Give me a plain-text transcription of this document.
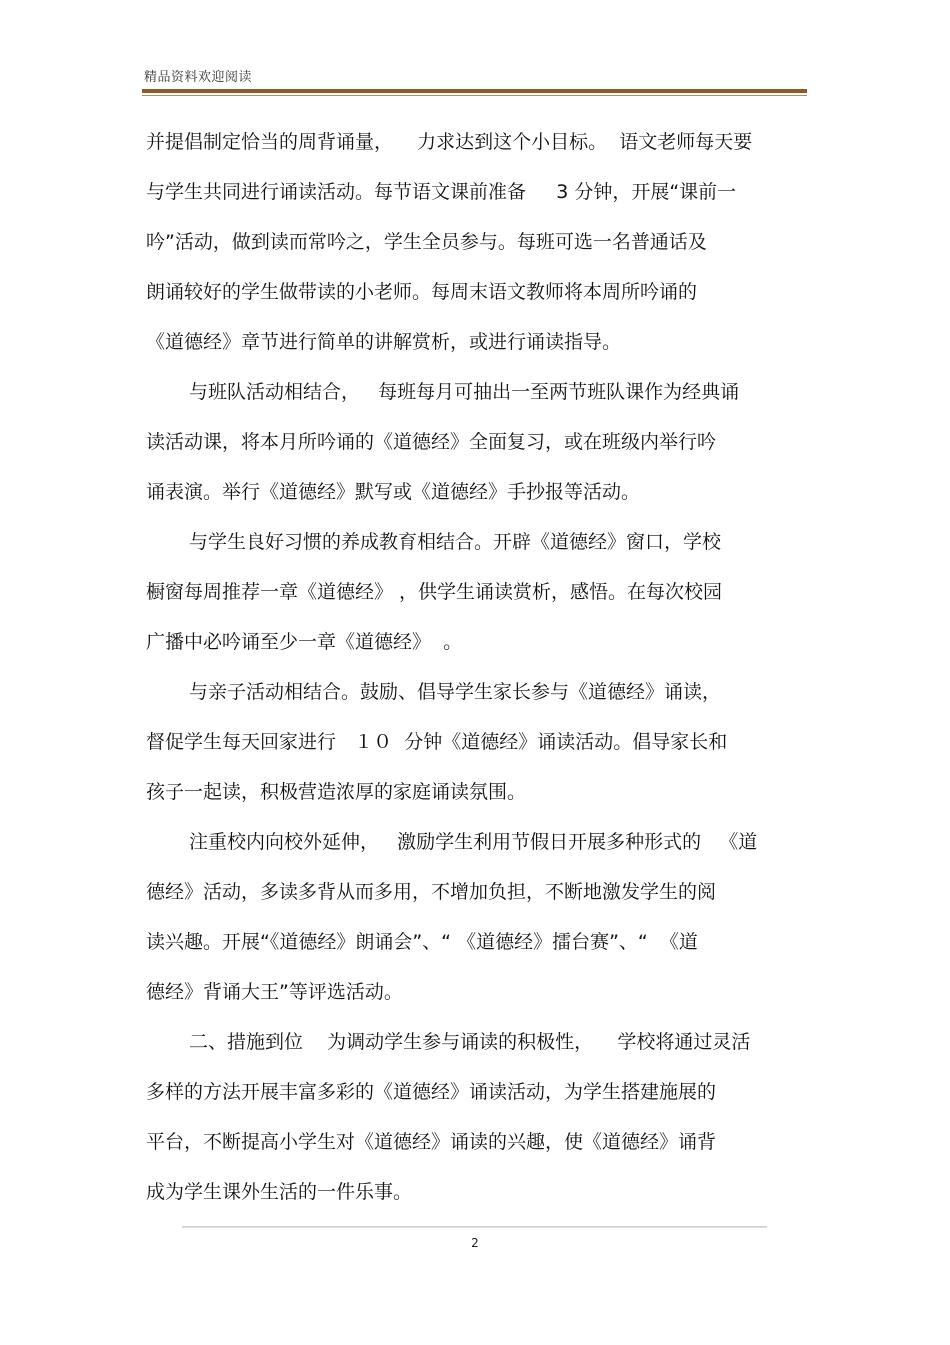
精品资料欢迎阅读
并提倡制定恰当的周背诵量，    力求达到这个小目标。  语文老师每天要
与学生共同进行诵读活动。每节语文课前准备     3 分钟，开展“课前一
吟”活动，做到读而常吟之，学生全员参与。每班可选一名普通话及
朗诵较好的学生做带读的小老师。每周末语文教师将本周所吟诵的
《道德经》章节进行简单的讲解赏析，或进行诵读指导。
与班队活动相结合，   每班每月可抽出一至两节班队课作为经典诵
读活动课，将本月所吟诵的《道德经》全面复习，或在班级内举行吟
诵表演。举行《道德经》默写或《道德经》手抄报等活动。
与学生良好习惯的养成教育相结合。开辟《道德经》窗口，学校
橱窗每周推荐一章《道德经》 ，供学生诵读赏析，感悟。在每次校园
广播中必吟诵至少一章《道德经》  。
与亲子活动相结合。鼓励、倡导学生家长参与《道德经》诵读，
督促学生每天回家进行   １０  分钟《道德经》诵读活动。倡导家长和
孩子一起读，积极营造浓厚的家庭诵读氛围。
注重校内向校外延伸，   激励学生利用节假日开展多种形式的   《道
德经》活动，多读多背从而多用，不增加负担，不断地激发学生的阅
读兴趣。开展“《道德经》朗诵会”、“ 《道德经》擂台赛”、“  《道
德经》背诵大王”等评选活动。
二、措施到位    为调动学生参与诵读的积极性，    学校将通过灵活
多样的方法开展丰富多彩的《道德经》诵读活动，为学生搭建施展的
平台，不断提高小学生对《道德经》诵读的兴趣，使《道德经》诵背
成为学生课外生活的一件乐事。
2
